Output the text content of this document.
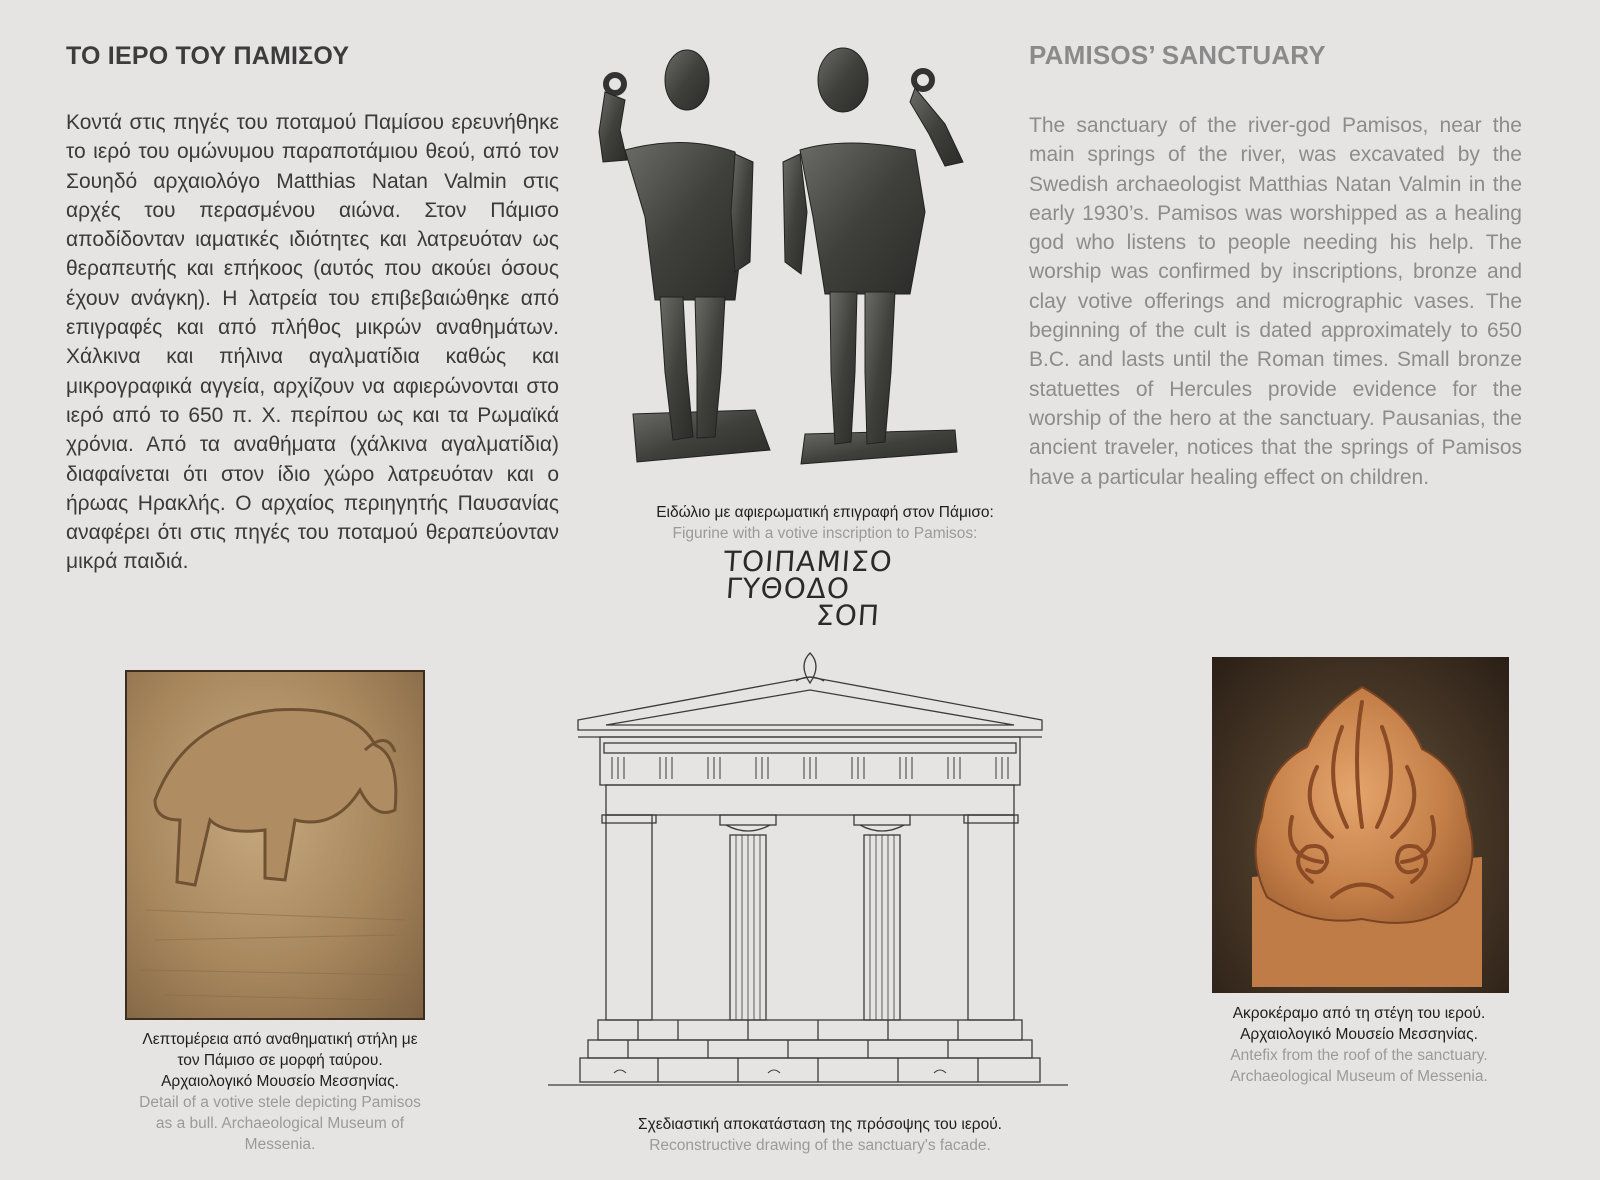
ΤΟ ΙΕΡΟ ΤΟΥ ΠΑΜΙΣΟΥ

Κοντά στις πηγές του ποταμού Παμίσου ερευνήθηκε το ιερό του ομώνυμου παραποτάμιου θεού, από τον Σουηδό αρχαιολόγο Matthias Natan Valmin στις αρχές του περασμένου αιώνα. Στον Πάμισο αποδίδονταν ιαματικές ιδιότητες και λατρευόταν ως θεραπευτής και επήκοος (αυτός που ακούει όσους έχουν ανάγκη). Η λατρεία του επιβεβαιώθηκε από επιγραφές και από πλήθος μικρών αναθημάτων. Χάλκινα και πήλινα αγαλματίδια καθώς και μικρογραφικά αγγεία, αρχίζουν να αφιερώνονται στο ιερό από το 650 π. Χ. περίπου ως και τα Ρωμαϊκά χρόνια. Από τα αναθήματα (χάλκινα αγαλματίδια) διαφαίνεται ότι στον ίδιο χώρο λατρευόταν και ο ήρωας Ηρακλής. Ο αρχαίος περιηγητής Παυσανίας αναφέρει ότι στις πηγές του ποταμού θεραπεύονταν μικρά παιδιά.

PAMISOS’ SANCTUARY

The sanctuary of the river-god Pamisos, near the main springs of the river, was excavated by the Swedish archaeologist Matthias Natan Valmin in the early 1930’s. Pamisos was worshipped as a healing god who listens to people needing his help. The worship was confirmed by inscriptions, bronze and clay votive offerings and micrographic vases. The beginning of the cult is dated approximately to 650 B.C. and lasts until the Roman times. Small bronze statuettes of Hercules provide evidence for the worship of the hero at the sanctuary. Pausanias, the ancient traveler, notices that the springs of Pamisos have a particular healing effect on children.

Ειδώλιο με αφιερωματική επιγραφή στον Πάμισο:
Figurine with a votive inscription to Pamisos:
ΤΟΙΠΑΜΙΣΟ
ΓΥΘΟΔΟ
ΣΟΠ
Λεπτομέρεια από αναθηματική στήλη με
τον Πάμισο σε μορφή ταύρου.
Αρχαιολογικό Μουσείο Μεσσηνίας.
Detail of a votive stele depicting Pamisos
as a bull. Archaeological Museum of
Messenia.
Σχεδιαστική αποκατάσταση της πρόσοψης του ιερού.
Reconstructive drawing of the sanctuary's facade.
Ακροκέραμο από τη στέγη του ιερού.
Αρχαιολογικό Μουσείο Μεσσηνίας.
Antefix from the roof of the sanctuary.
Archaeological Museum of Messenia.
